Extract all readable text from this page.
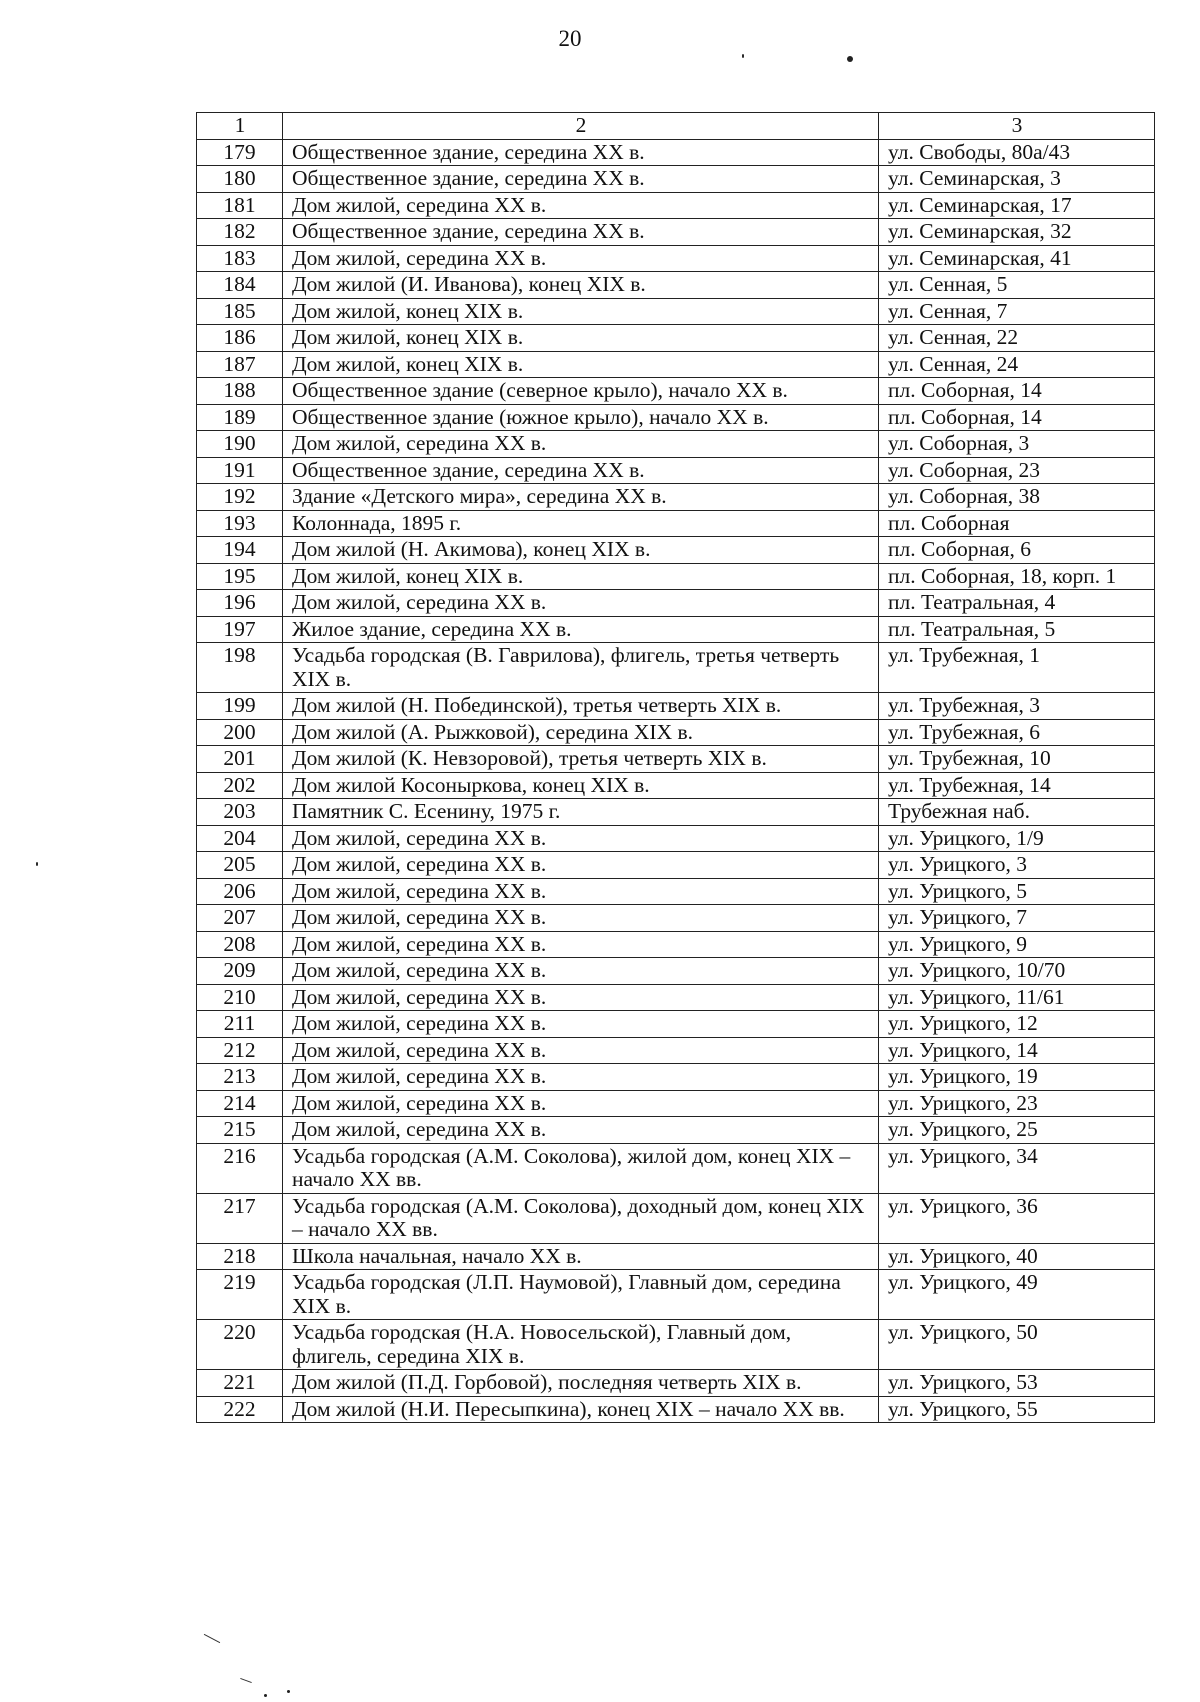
20
1	2	3
179	Общественное здание, середина XX в.	ул. Свободы, 80а/43
180	Общественное здание, середина XX в.	ул. Семинарская, 3
181	Дом жилой, середина XX в.	ул. Семинарская, 17
182	Общественное здание, середина XX в.	ул. Семинарская, 32
183	Дом жилой, середина XX в.	ул. Семинарская, 41
184	Дом жилой (И. Иванова), конец XIX в.	ул. Сенная, 5
185	Дом жилой, конец XIX в.	ул. Сенная, 7
186	Дом жилой, конец XIX в.	ул. Сенная, 22
187	Дом жилой, конец XIX в.	ул. Сенная, 24
188	Общественное здание (северное крыло), начало XX в.	пл. Соборная, 14
189	Общественное здание (южное крыло), начало XX в.	пл. Соборная, 14
190	Дом жилой, середина XX в.	ул. Соборная, 3
191	Общественное здание, середина XX в.	ул. Соборная, 23
192	Здание «Детского мира», середина XX в.	ул. Соборная, 38
193	Колоннада, 1895 г.	пл. Соборная
194	Дом жилой (Н. Акимова), конец XIX в.	пл. Соборная, 6
195	Дом жилой, конец XIX в.	пл. Соборная, 18, корп. 1
196	Дом жилой, середина XX в.	пл. Театральная, 4
197	Жилое здание, середина XX в.	пл. Театральная, 5
198	Усадьба городская (В. Гаврилова), флигель, третья четверть XIX в.	ул. Трубежная, 1
199	Дом жилой (Н. Побединской), третья четверть XIX в.	ул. Трубежная, 3
200	Дом жилой (А. Рыжковой), середина XIX в.	ул. Трубежная, 6
201	Дом жилой (К. Невзоровой), третья четверть XIX в.	ул. Трубежная, 10
202	Дом жилой Косоныркова, конец XIX в.	ул. Трубежная, 14
203	Памятник С. Есенину, 1975 г.	Трубежная наб.
204	Дом жилой, середина XX в.	ул. Урицкого, 1/9
205	Дом жилой, середина XX в.	ул. Урицкого, 3
206	Дом жилой, середина XX в.	ул. Урицкого, 5
207	Дом жилой, середина XX в.	ул. Урицкого, 7
208	Дом жилой, середина XX в.	ул. Урицкого, 9
209	Дом жилой, середина XX в.	ул. Урицкого, 10/70
210	Дом жилой, середина XX в.	ул. Урицкого, 11/61
211	Дом жилой, середина XX в.	ул. Урицкого, 12
212	Дом жилой, середина XX в.	ул. Урицкого, 14
213	Дом жилой, середина XX в.	ул. Урицкого, 19
214	Дом жилой, середина XX в.	ул. Урицкого, 23
215	Дом жилой, середина XX в.	ул. Урицкого, 25
216	Усадьба городская (А.М. Соколова), жилой дом, конец XIX – начало XX вв.	ул. Урицкого, 34
217	Усадьба городская (А.М. Соколова), доходный дом, конец XIX – начало XX вв.	ул. Урицкого, 36
218	Школа начальная, начало XX в.	ул. Урицкого, 40
219	Усадьба городская (Л.П. Наумовой), Главный дом, середина XIX в.	ул. Урицкого, 49
220	Усадьба городская (Н.А. Новосельской), Главный дом, флигель, середина XIX в.	ул. Урицкого, 50
221	Дом жилой (П.Д. Горбовой), последняя четверть XIX в.	ул. Урицкого, 53
222	Дом жилой (Н.И. Пересыпкина), конец XIX – начало XX вв.	ул. Урицкого, 55
